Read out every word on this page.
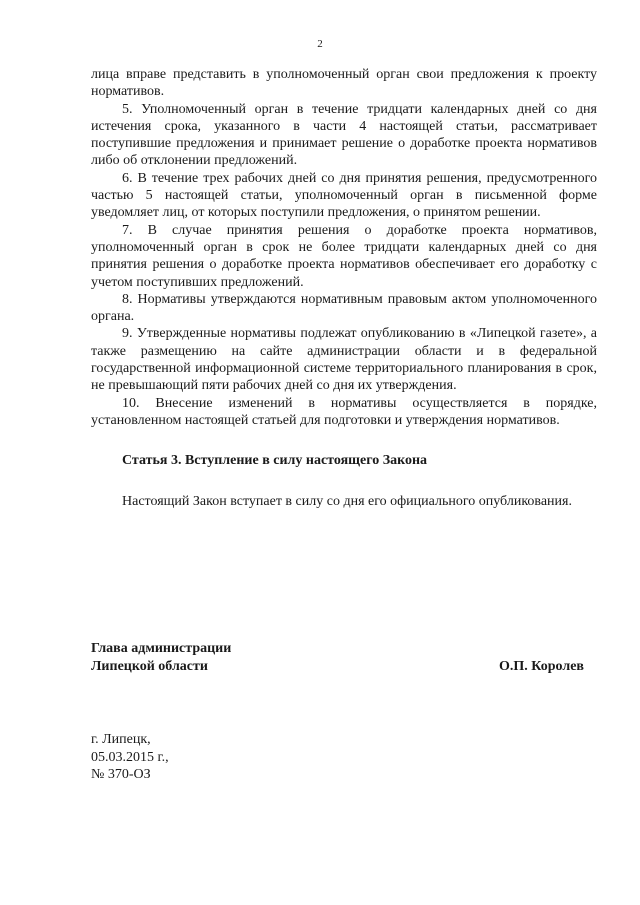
2

лица вправе представить в уполномоченный орган свои предложения к проекту нормативов.

5. Уполномоченный орган в течение тридцати календарных дней со дня истечения срока, указанного в части 4 настоящей статьи, рассматривает поступившие предложения и принимает решение о доработке проекта нормативов либо об отклонении предложений.

6. В течение трех рабочих дней со дня принятия решения, предусмотренного частью 5 настоящей статьи, уполномоченный орган в письменной форме уведомляет лиц, от которых поступили предложения, о принятом решении.

7. В случае принятия решения о доработке проекта нормативов, уполномоченный орган в срок не более тридцати календарных дней со дня принятия решения о доработке проекта нормативов обеспечивает его доработку с учетом поступивших предложений.

8. Нормативы утверждаются нормативным правовым актом уполномоченного органа.

9. Утвержденные нормативы подлежат опубликованию в «Липецкой газете», а также размещению на сайте администрации области и в федеральной государственной информационной системе территориального планирования в срок, не превышающий пяти рабочих дней со дня их утверждения.

10. Внесение изменений в нормативы осуществляется в порядке, установленном настоящей статьей для подготовки и утверждения нормативов.

Статья 3. Вступление в силу настоящего Закона

Настоящий Закон вступает в силу со дня его официального опубликования.

Глава администрации
Липецкой области	О.П. Королев
г. Липецк,
05.03.2015 г.,
№ 370-ОЗ
